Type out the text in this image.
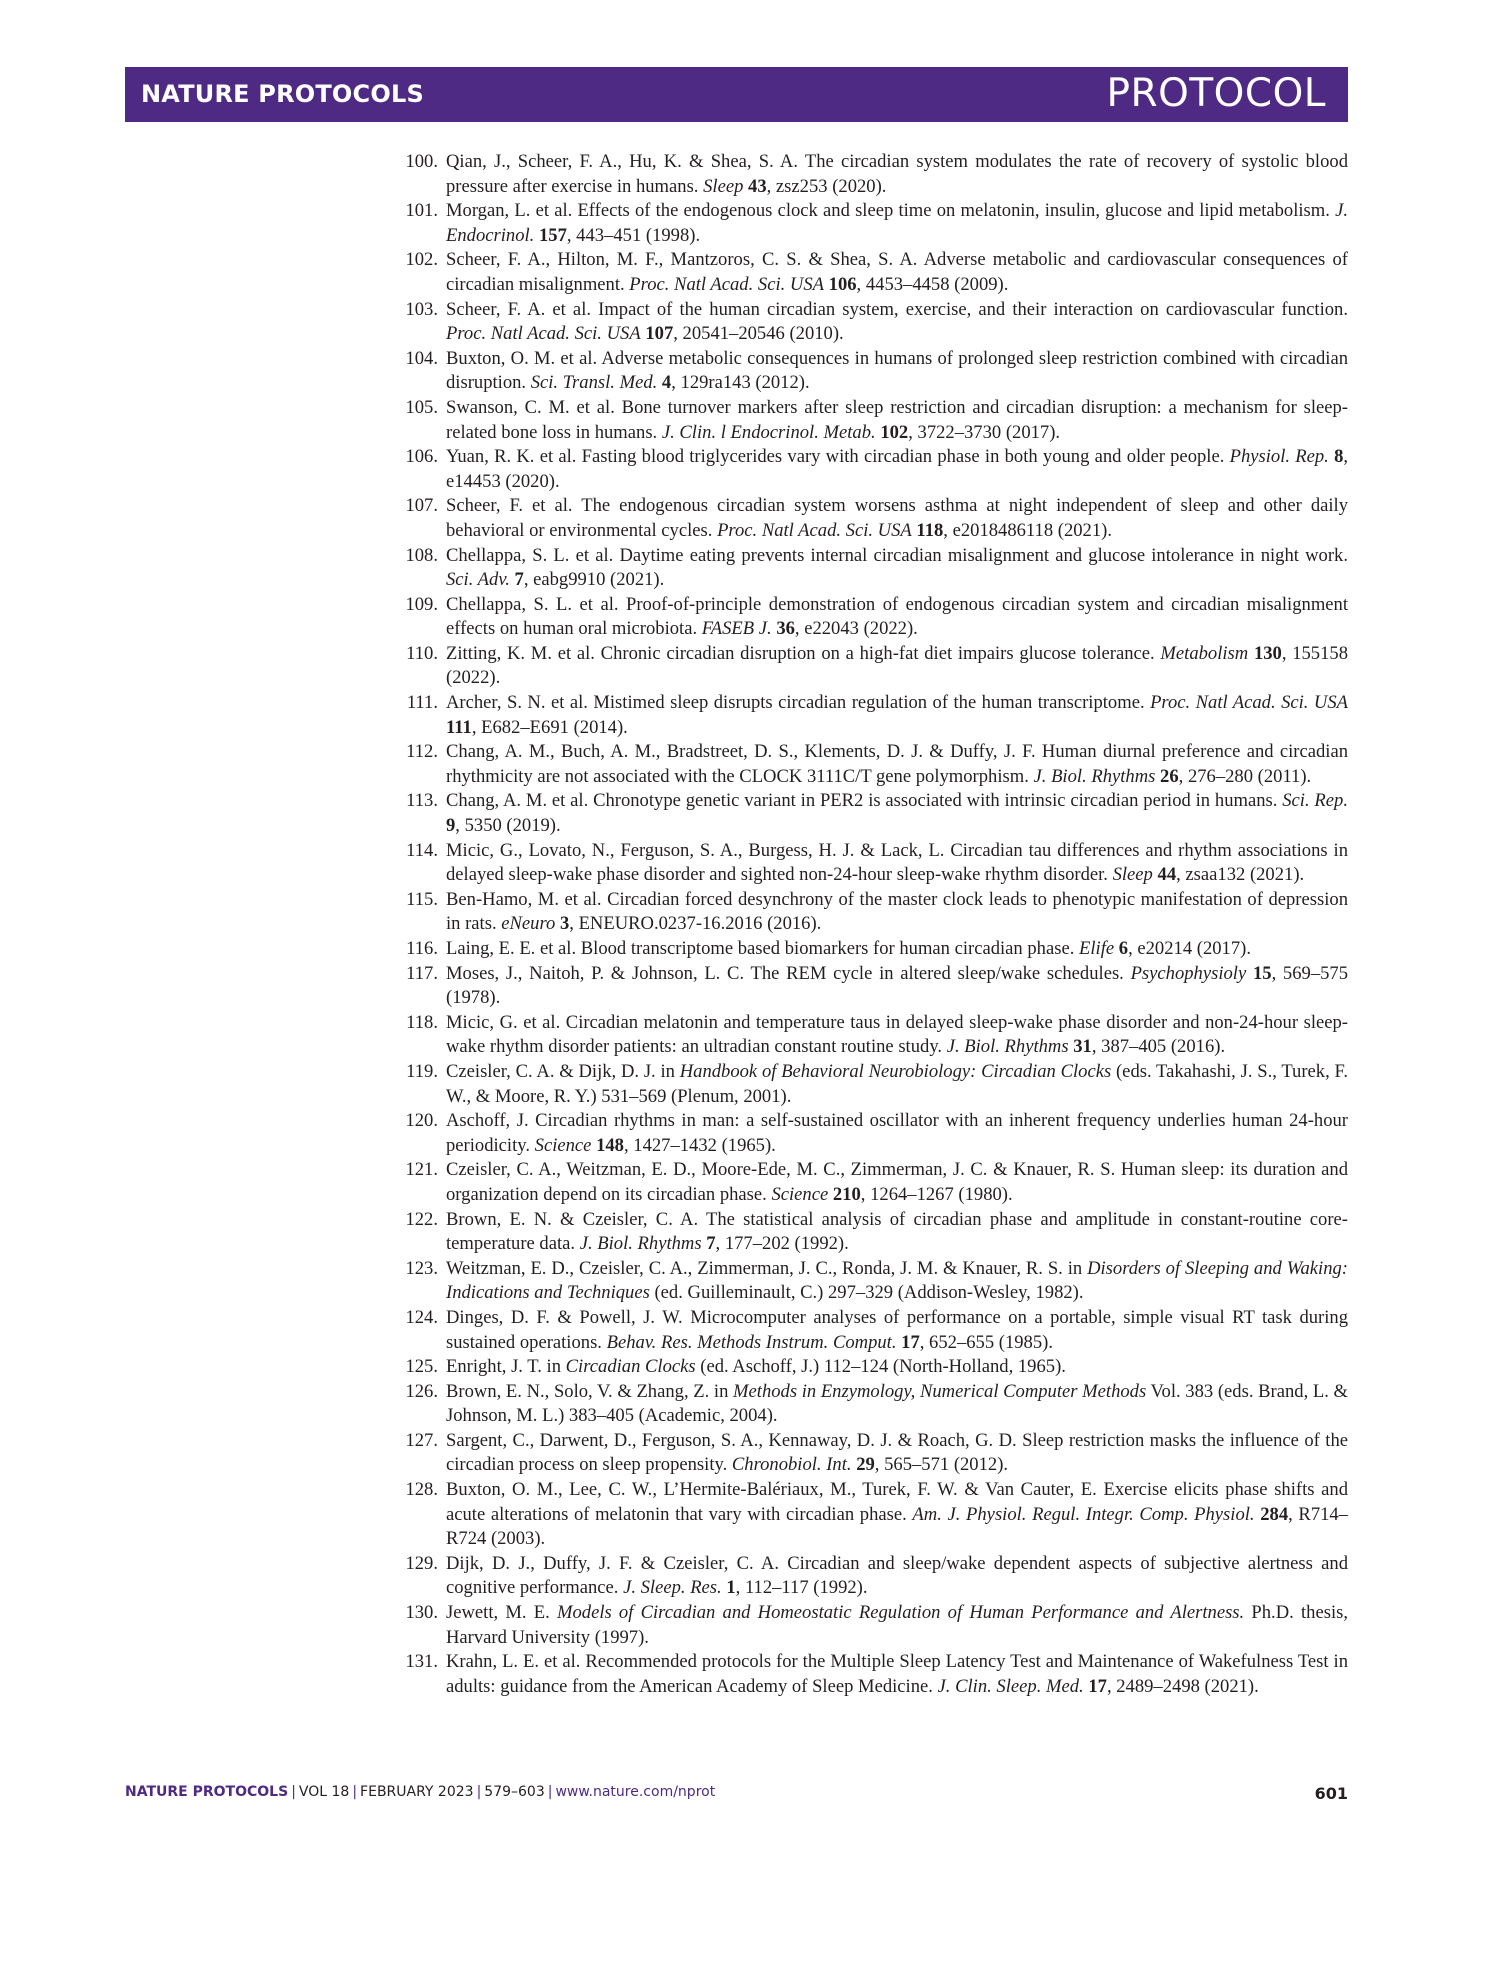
NATURE PROTOCOLS	PROTOCOL
100. Qian, J., Scheer, F. A., Hu, K. & Shea, S. A. The circadian system modulates the rate of recovery of systolic blood pressure after exercise in humans. Sleep 43, zsz253 (2020).
101. Morgan, L. et al. Effects of the endogenous clock and sleep time on melatonin, insulin, glucose and lipid metabolism. J. Endocrinol. 157, 443–451 (1998).
102. Scheer, F. A., Hilton, M. F., Mantzoros, C. S. & Shea, S. A. Adverse metabolic and cardiovascular consequences of circadian misalignment. Proc. Natl Acad. Sci. USA 106, 4453–4458 (2009).
103. Scheer, F. A. et al. Impact of the human circadian system, exercise, and their interaction on cardiovascular function. Proc. Natl Acad. Sci. USA 107, 20541–20546 (2010).
104. Buxton, O. M. et al. Adverse metabolic consequences in humans of prolonged sleep restriction combined with circadian disruption. Sci. Transl. Med. 4, 129ra143 (2012).
105. Swanson, C. M. et al. Bone turnover markers after sleep restriction and circadian disruption: a mechanism for sleep-related bone loss in humans. J. Clin. l Endocrinol. Metab. 102, 3722–3730 (2017).
106. Yuan, R. K. et al. Fasting blood triglycerides vary with circadian phase in both young and older people. Physiol. Rep. 8, e14453 (2020).
107. Scheer, F. et al. The endogenous circadian system worsens asthma at night independent of sleep and other daily behavioral or environmental cycles. Proc. Natl Acad. Sci. USA 118, e2018486118 (2021).
108. Chellappa, S. L. et al. Daytime eating prevents internal circadian misalignment and glucose intolerance in night work. Sci. Adv. 7, eabg9910 (2021).
109. Chellappa, S. L. et al. Proof-of-principle demonstration of endogenous circadian system and circadian misalignment effects on human oral microbiota. FASEB J. 36, e22043 (2022).
110. Zitting, K. M. et al. Chronic circadian disruption on a high-fat diet impairs glucose tolerance. Metabolism 130, 155158 (2022).
111. Archer, S. N. et al. Mistimed sleep disrupts circadian regulation of the human transcriptome. Proc. Natl Acad. Sci. USA 111, E682–E691 (2014).
112. Chang, A. M., Buch, A. M., Bradstreet, D. S., Klements, D. J. & Duffy, J. F. Human diurnal preference and circadian rhythmicity are not associated with the CLOCK 3111C/T gene polymorphism. J. Biol. Rhythms 26, 276–280 (2011).
113. Chang, A. M. et al. Chronotype genetic variant in PER2 is associated with intrinsic circadian period in humans. Sci. Rep. 9, 5350 (2019).
114. Micic, G., Lovato, N., Ferguson, S. A., Burgess, H. J. & Lack, L. Circadian tau differences and rhythm associations in delayed sleep-wake phase disorder and sighted non-24-hour sleep-wake rhythm disorder. Sleep 44, zsaa132 (2021).
115. Ben-Hamo, M. et al. Circadian forced desynchrony of the master clock leads to phenotypic manifestation of depression in rats. eNeuro 3, ENEURO.0237-16.2016 (2016).
116. Laing, E. E. et al. Blood transcriptome based biomarkers for human circadian phase. Elife 6, e20214 (2017).
117. Moses, J., Naitoh, P. & Johnson, L. C. The REM cycle in altered sleep/wake schedules. Psychophysioly 15, 569–575 (1978).
118. Micic, G. et al. Circadian melatonin and temperature taus in delayed sleep-wake phase disorder and non-24-hour sleep-wake rhythm disorder patients: an ultradian constant routine study. J. Biol. Rhythms 31, 387–405 (2016).
119. Czeisler, C. A. & Dijk, D. J. in Handbook of Behavioral Neurobiology: Circadian Clocks (eds. Takahashi, J. S., Turek, F. W., & Moore, R. Y.) 531–569 (Plenum, 2001).
120. Aschoff, J. Circadian rhythms in man: a self-sustained oscillator with an inherent frequency underlies human 24-hour periodicity. Science 148, 1427–1432 (1965).
121. Czeisler, C. A., Weitzman, E. D., Moore-Ede, M. C., Zimmerman, J. C. & Knauer, R. S. Human sleep: its duration and organization depend on its circadian phase. Science 210, 1264–1267 (1980).
122. Brown, E. N. & Czeisler, C. A. The statistical analysis of circadian phase and amplitude in constant-routine core-temperature data. J. Biol. Rhythms 7, 177–202 (1992).
123. Weitzman, E. D., Czeisler, C. A., Zimmerman, J. C., Ronda, J. M. & Knauer, R. S. in Disorders of Sleeping and Waking: Indications and Techniques (ed. Guilleminault, C.) 297–329 (Addison-Wesley, 1982).
124. Dinges, D. F. & Powell, J. W. Microcomputer analyses of performance on a portable, simple visual RT task during sustained operations. Behav. Res. Methods Instrum. Comput. 17, 652–655 (1985).
125. Enright, J. T. in Circadian Clocks (ed. Aschoff, J.) 112–124 (North-Holland, 1965).
126. Brown, E. N., Solo, V. & Zhang, Z. in Methods in Enzymology, Numerical Computer Methods Vol. 383 (eds. Brand, L. & Johnson, M. L.) 383–405 (Academic, 2004).
127. Sargent, C., Darwent, D., Ferguson, S. A., Kennaway, D. J. & Roach, G. D. Sleep restriction masks the influence of the circadian process on sleep propensity. Chronobiol. Int. 29, 565–571 (2012).
128. Buxton, O. M., Lee, C. W., L’Hermite-Balériaux, M., Turek, F. W. & Van Cauter, E. Exercise elicits phase shifts and acute alterations of melatonin that vary with circadian phase. Am. J. Physiol. Regul. Integr. Comp. Physiol. 284, R714–R724 (2003).
129. Dijk, D. J., Duffy, J. F. & Czeisler, C. A. Circadian and sleep/wake dependent aspects of subjective alertness and cognitive performance. J. Sleep. Res. 1, 112–117 (1992).
130. Jewett, M. E. Models of Circadian and Homeostatic Regulation of Human Performance and Alertness. Ph.D. thesis, Harvard University (1997).
131. Krahn, L. E. et al. Recommended protocols for the Multiple Sleep Latency Test and Maintenance of Wakefulness Test in adults: guidance from the American Academy of Sleep Medicine. J. Clin. Sleep. Med. 17, 2489–2498 (2021).
NATURE PROTOCOLS | VOL 18 | FEBRUARY 2023 | 579–603 | www.nature.com/nprot	601
